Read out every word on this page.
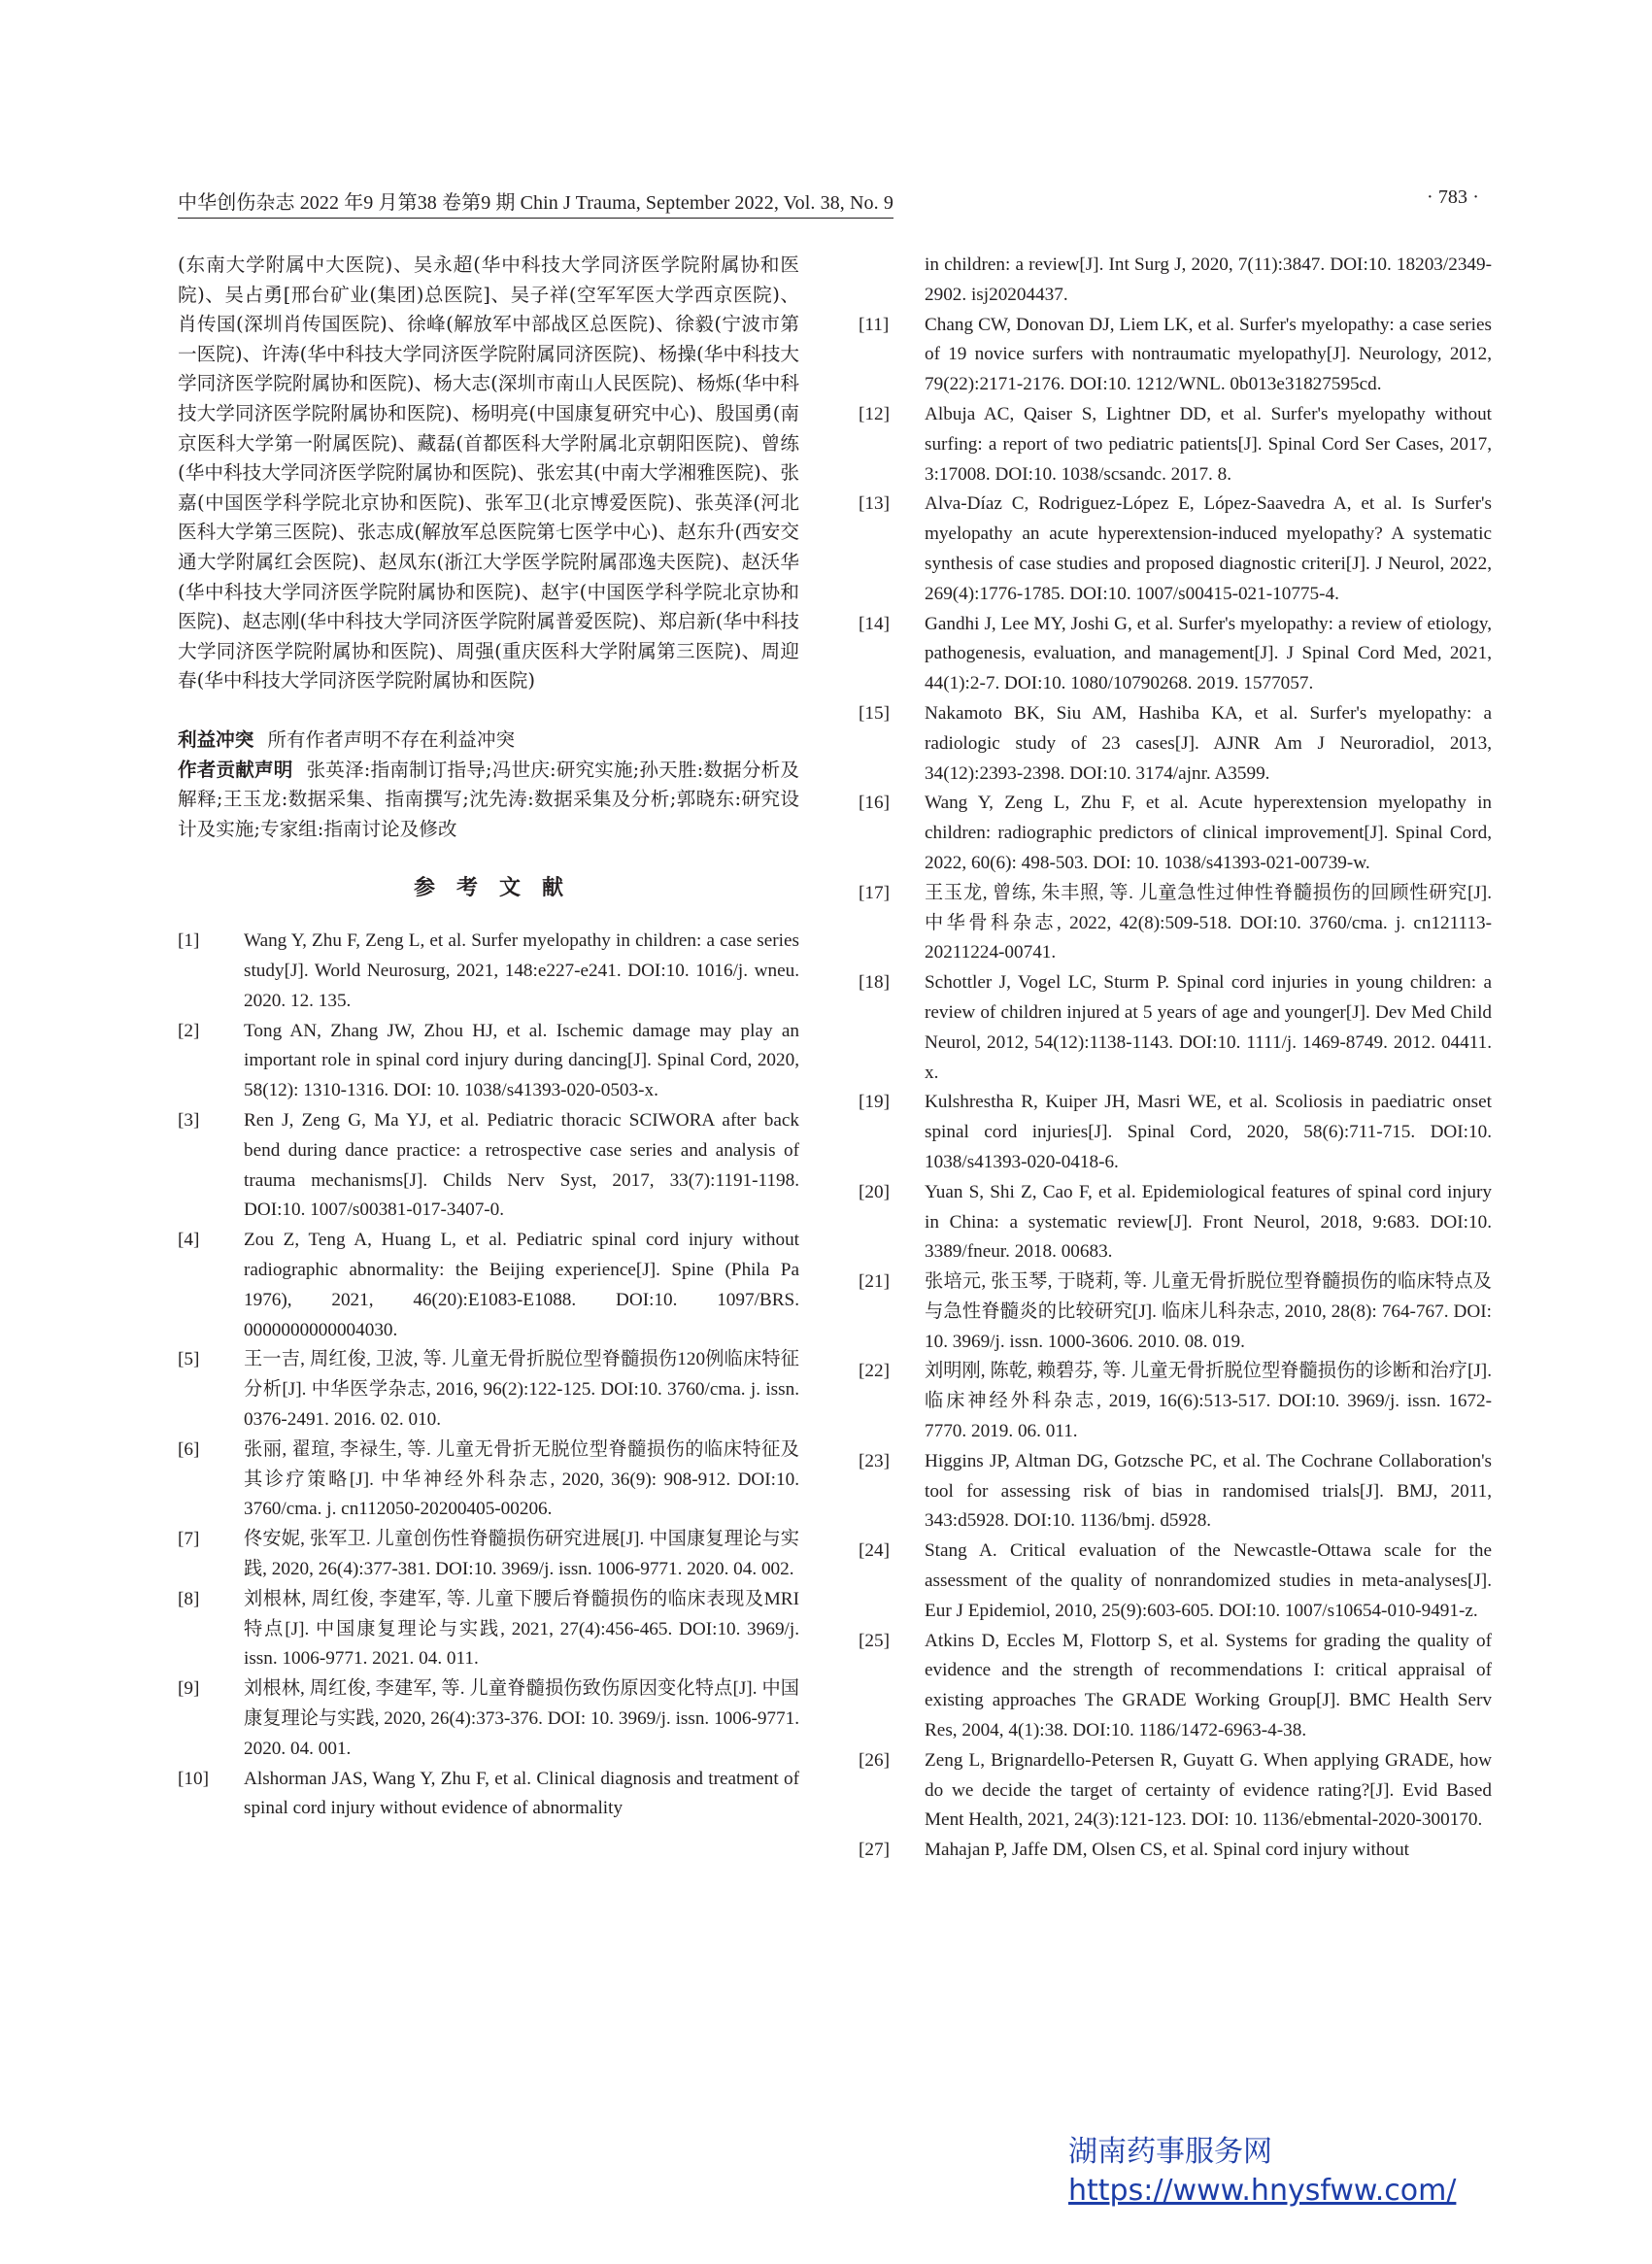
中华创伤杂志 2022 年9 月第38 卷第9 期 Chin J Trauma, September 2022, Vol. 38, No. 9	· 783 ·

(东南大学附属中大医院)、吴永超(华中科技大学同济医学院附属协和医院)、吴占勇[邢台矿业(集团)总医院]、吴子祥(空军军医大学西京医院)、肖传国(深圳肖传国医院)、徐峰(解放军中部战区总医院)、徐毅(宁波市第一医院)、许涛(华中科技大学同济医学院附属同济医院)、杨操(华中科技大学同济医学院附属协和医院)、杨大志(深圳市南山人民医院)、杨烁(华中科技大学同济医学院附属协和医院)、杨明亮(中国康复研究中心)、殷国勇(南京医科大学第一附属医院)、藏磊(首都医科大学附属北京朝阳医院)、曾练(华中科技大学同济医学院附属协和医院)、张宏其(中南大学湘雅医院)、张嘉(中国医学科学院北京协和医院)、张军卫(北京博爱医院)、张英泽(河北医科大学第三医院)、张志成(解放军总医院第七医学中心)、赵东升(西安交通大学附属红会医院)、赵凤东(浙江大学医学院附属邵逸夫医院)、赵沃华(华中科技大学同济医学院附属协和医院)、赵宇(中国医学科学院北京协和医院)、赵志刚(华中科技大学同济医学院附属普爱医院)、郑启新(华中科技大学同济医学院附属协和医院)、周强(重庆医科大学附属第三医院)、周迎春(华中科技大学同济医学院附属协和医院)

利益冲突 所有作者声明不存在利益冲突

作者贡献声明 张英泽:指南制订指导;冯世庆:研究实施;孙天胜:数据分析及解释;王玉龙:数据采集、指南撰写;沈先涛:数据采集及分析;郭晓东:研究设计及实施;专家组:指南讨论及修改

参考文献

[1]	Wang Y, Zhu F, Zeng L, et al. Surfer myelopathy in children: a case series study[J]. World Neurosurg, 2021, 148:e227-e241. DOI:10. 1016/j. wneu. 2020. 12. 135.

[2]	Tong AN, Zhang JW, Zhou HJ, et al. Ischemic damage may play an important role in spinal cord injury during dancing[J]. Spinal Cord, 2020, 58(12): 1310-1316. DOI: 10. 1038/s41393-020-0503-x.

[3]	Ren J, Zeng G, Ma YJ, et al. Pediatric thoracic SCIWORA after back bend during dance practice: a retrospective case series and analysis of trauma mechanisms[J]. Childs Nerv Syst, 2017, 33(7):1191-1198. DOI:10. 1007/s00381-017-3407-0.

[4]	Zou Z, Teng A, Huang L, et al. Pediatric spinal cord injury without radiographic abnormality: the Beijing experience[J]. Spine (Phila Pa 1976), 2021, 46(20):E1083-E1088. DOI:10. 1097/BRS. 0000000000004030.

[5]	王一吉, 周红俊, 卫波, 等. 儿童无骨折脱位型脊髓损伤120例临床特征分析[J]. 中华医学杂志, 2016, 96(2):122-125. DOI:10. 3760/cma. j. issn. 0376-2491. 2016. 02. 010.

[6]	张丽, 翟瑄, 李禄生, 等. 儿童无骨折无脱位型脊髓损伤的临床特征及其诊疗策略[J]. 中华神经外科杂志, 2020, 36(9): 908-912. DOI:10. 3760/cma. j. cn112050-20200405-00206.

[7]	佟安妮, 张军卫. 儿童创伤性脊髓损伤研究进展[J]. 中国康复理论与实践, 2020, 26(4):377-381. DOI:10. 3969/j. issn. 1006-9771. 2020. 04. 002.

[8]	刘根林, 周红俊, 李建军, 等. 儿童下腰后脊髓损伤的临床表现及MRI特点[J]. 中国康复理论与实践, 2021, 27(4):456-465. DOI:10. 3969/j. issn. 1006-9771. 2021. 04. 011.

[9]	刘根林, 周红俊, 李建军, 等. 儿童脊髓损伤致伤原因变化特点[J]. 中国康复理论与实践, 2020, 26(4):373-376. DOI: 10. 3969/j. issn. 1006-9771. 2020. 04. 001.

[10]	Alshorman JAS, Wang Y, Zhu F, et al. Clinical diagnosis and treatment of spinal cord injury without evidence of abnormality

in children: a review[J]. Int Surg J, 2020, 7(11):3847. DOI:10. 18203/2349-2902. isj20204437.

[11]	Chang CW, Donovan DJ, Liem LK, et al. Surfer's myelopathy: a case series of 19 novice surfers with nontraumatic myelopathy[J]. Neurology, 2012, 79(22):2171-2176. DOI:10. 1212/WNL. 0b013e31827595cd.

[12]	Albuja AC, Qaiser S, Lightner DD, et al. Surfer's myelopathy without surfing: a report of two pediatric patients[J]. Spinal Cord Ser Cases, 2017, 3:17008. DOI:10. 1038/scsandc. 2017. 8.

[13]	Alva-Díaz C, Rodriguez-López E, López-Saavedra A, et al. Is Surfer's myelopathy an acute hyperextension-induced myelopathy? A systematic synthesis of case studies and proposed diagnostic criteri[J]. J Neurol, 2022, 269(4):1776-1785. DOI:10. 1007/s00415-021-10775-4.

[14]	Gandhi J, Lee MY, Joshi G, et al. Surfer's myelopathy: a review of etiology, pathogenesis, evaluation, and management[J]. J Spinal Cord Med, 2021, 44(1):2-7. DOI:10. 1080/10790268. 2019. 1577057.

[15]	Nakamoto BK, Siu AM, Hashiba KA, et al. Surfer's myelopathy: a radiologic study of 23 cases[J]. AJNR Am J Neuroradiol, 2013, 34(12):2393-2398. DOI:10. 3174/ajnr. A3599.

[16]	Wang Y, Zeng L, Zhu F, et al. Acute hyperextension myelopathy in children: radiographic predictors of clinical improvement[J]. Spinal Cord, 2022, 60(6): 498-503. DOI: 10. 1038/s41393-021-00739-w.

[17]	王玉龙, 曾练, 朱丰照, 等. 儿童急性过伸性脊髓损伤的回顾性研究[J]. 中华骨科杂志, 2022, 42(8):509-518. DOI:10. 3760/cma. j. cn121113-20211224-00741.

[18]	Schottler J, Vogel LC, Sturm P. Spinal cord injuries in young children: a review of children injured at 5 years of age and younger[J]. Dev Med Child Neurol, 2012, 54(12):1138-1143. DOI:10. 1111/j. 1469-8749. 2012. 04411. x.

[19]	Kulshrestha R, Kuiper JH, Masri WE, et al. Scoliosis in paediatric onset spinal cord injuries[J]. Spinal Cord, 2020, 58(6):711-715. DOI:10. 1038/s41393-020-0418-6.

[20]	Yuan S, Shi Z, Cao F, et al. Epidemiological features of spinal cord injury in China: a systematic review[J]. Front Neurol, 2018, 9:683. DOI:10. 3389/fneur. 2018. 00683.

[21]	张培元, 张玉琴, 于晓莉, 等. 儿童无骨折脱位型脊髓损伤的临床特点及与急性脊髓炎的比较研究[J]. 临床儿科杂志, 2010, 28(8): 764-767. DOI: 10. 3969/j. issn. 1000-3606. 2010. 08. 019.

[22]	刘明刚, 陈乾, 赖碧芬, 等. 儿童无骨折脱位型脊髓损伤的诊断和治疗[J]. 临床神经外科杂志, 2019, 16(6):513-517. DOI:10. 3969/j. issn. 1672-7770. 2019. 06. 011.

[23]	Higgins JP, Altman DG, Gotzsche PC, et al. The Cochrane Collaboration's tool for assessing risk of bias in randomised trials[J]. BMJ, 2011, 343:d5928. DOI:10. 1136/bmj. d5928.

[24]	Stang A. Critical evaluation of the Newcastle-Ottawa scale for the assessment of the quality of nonrandomized studies in meta-analyses[J]. Eur J Epidemiol, 2010, 25(9):603-605. DOI:10. 1007/s10654-010-9491-z.

[25]	Atkins D, Eccles M, Flottorp S, et al. Systems for grading the quality of evidence and the strength of recommendations I: critical appraisal of existing approaches The GRADE Working Group[J]. BMC Health Serv Res, 2004, 4(1):38. DOI:10. 1186/1472-6963-4-38.

[26]	Zeng L, Brignardello-Petersen R, Guyatt G. When applying GRADE, how do we decide the target of certainty of evidence rating?[J]. Evid Based Ment Health, 2021, 24(3):121-123. DOI: 10. 1136/ebmental-2020-300170.

[27]	Mahajan P, Jaffe DM, Olsen CS, et al. Spinal cord injury without

湖南药事服务网
https://www.hnysfww.com/
